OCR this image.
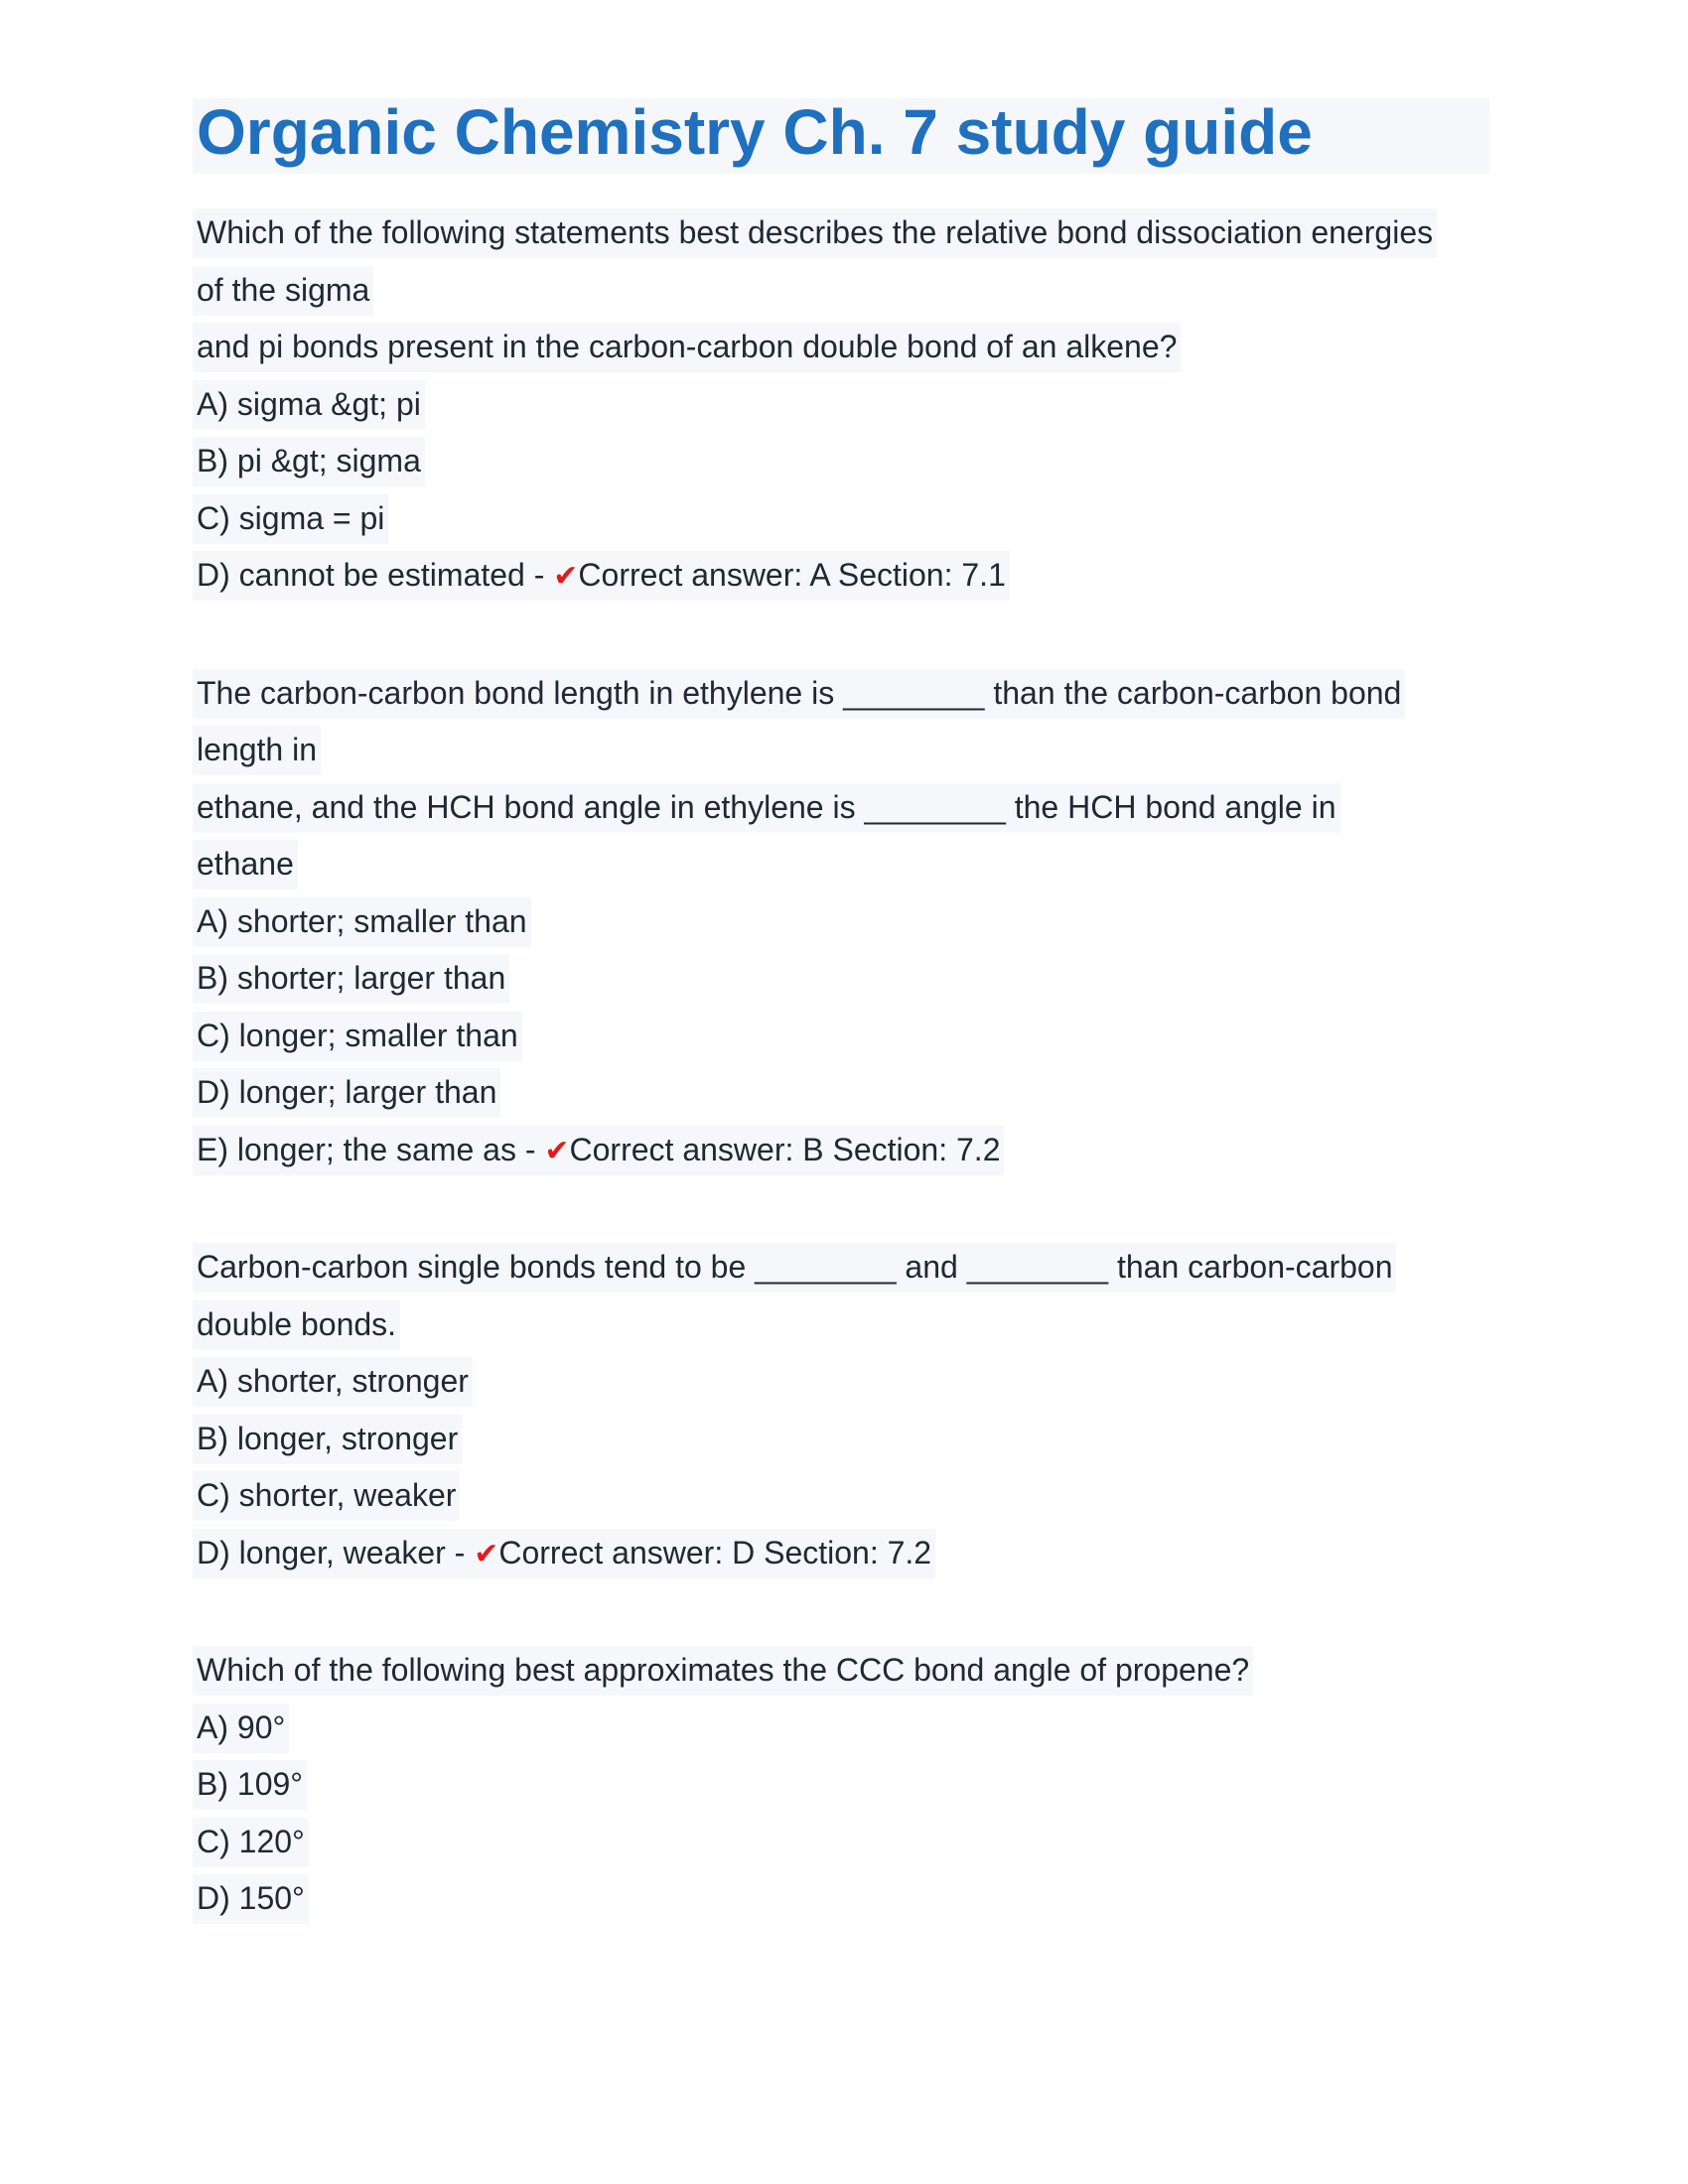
Organic Chemistry Ch. 7 study guide
Which of the following statements best describes the relative bond dissociation energies
of the sigma
and pi bonds present in the carbon-carbon double bond of an alkene?
A) sigma &gt; pi
B) pi &gt; sigma
C) sigma = pi
D) cannot be estimated - ✔Correct answer: A Section: 7.1
The carbon-carbon bond length in ethylene is ________ than the carbon-carbon bond
length in
ethane, and the HCH bond angle in ethylene is ________ the HCH bond angle in
ethane
A) shorter; smaller than
B) shorter; larger than
C) longer; smaller than
D) longer; larger than
E) longer; the same as - ✔Correct answer: B Section: 7.2
Carbon-carbon single bonds tend to be ________ and ________ than carbon-carbon
double bonds.
A) shorter, stronger
B) longer, stronger
C) shorter, weaker
D) longer, weaker - ✔Correct answer: D Section: 7.2
Which of the following best approximates the CCC bond angle of propene?
A) 90°
B) 109°
C) 120°
D) 150°
